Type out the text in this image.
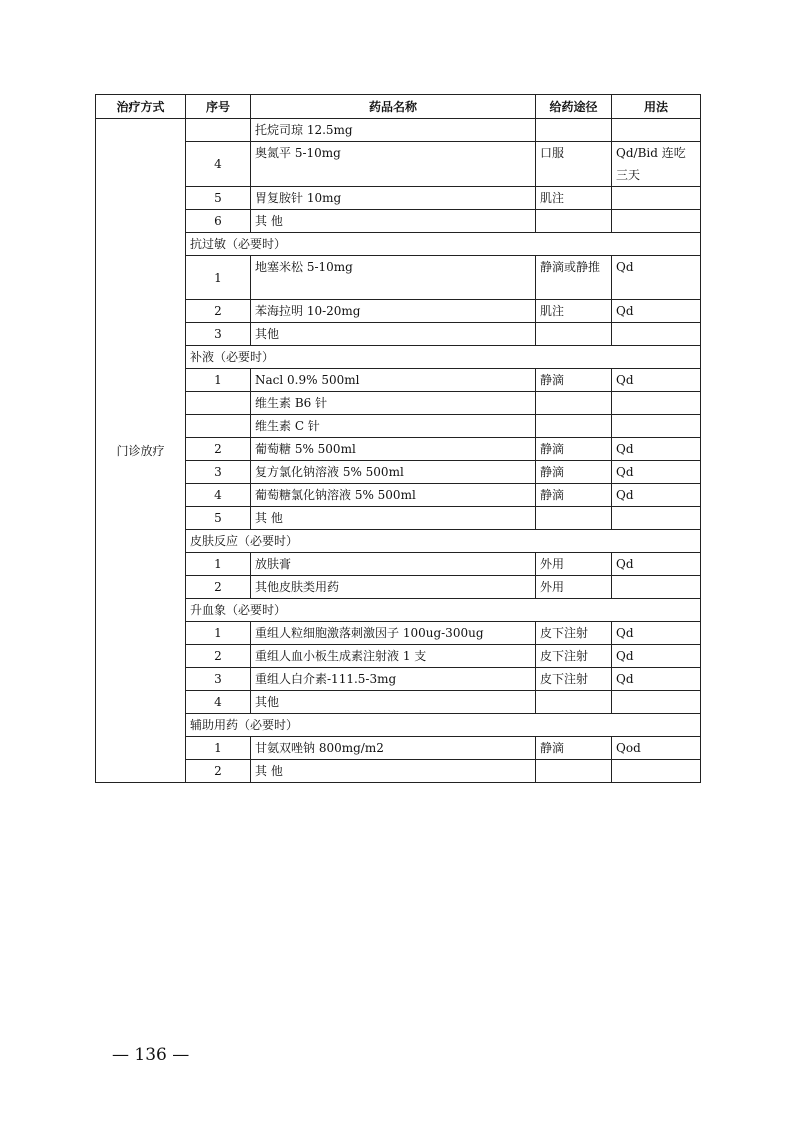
治疗方式	序号	药品名称	给药途径	用法
门诊放疗		托烷司琼 12.5mg		
	4	奥氮平 5-10mg	口服	Qd/Bid 连吃三天
	5	胃复胺针 10mg	肌注	
	6	其 他		
	抗过敏（必要时）			
	1	地塞米松 5-10mg	静滴或静推	Qd
	2	苯海拉明 10-20mg	肌注	Qd
	3	其他		
	补液（必要时）			
	1	Nacl 0.9% 500ml	静滴	Qd
		维生素 B6 针		
		维生素 C 针		
	2	葡萄糖 5% 500ml	静滴	Qd
	3	复方氯化钠溶液 5% 500ml	静滴	Qd
	4	葡萄糖氯化钠溶液 5% 500ml	静滴	Qd
	5	其 他		
	皮肤反应（必要时）			
	1	放肤膏	外用	Qd
	2	其他皮肤类用药	外用	
	升血象（必要时）			
	1	重组人粒细胞激落刺激因子 100ug-300ug	皮下注射	Qd
	2	重组人血小板生成素注射液 1 支	皮下注射	Qd
	3	重组人白介素-111.5-3mg	皮下注射	Qd
	4	其他		
	辅助用药（必要时）			
	1	甘氨双唑钠 800mg/m2	静滴	Qod
	2	其 他		
— 136 —
